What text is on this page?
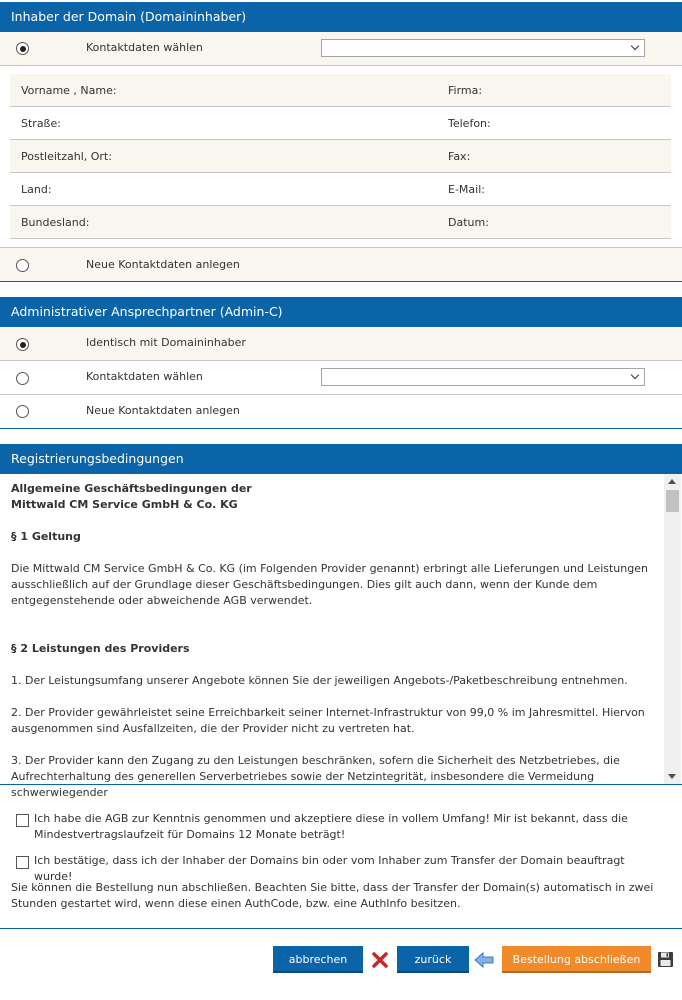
Inhaber der Domain (Domaininhaber)
Kontaktdaten wählen
Vorname , Name:	Firma:
Straße:	Telefon:
Postleitzahl, Ort:	Fax:
Land:	E-Mail:
Bundesland:	Datum:
Neue Kontaktdaten anlegen
Administrativer Ansprechpartner (Admin-C)
Identisch mit Domaininhaber
Kontaktdaten wählen
Neue Kontaktdaten anlegen
Registrierungsbedingungen

Allgemeine Geschäftsbedingungen der

Mittwald CM Service GmbH & Co. KG

§ 1 Geltung

Die Mittwald CM Service GmbH & Co. KG (im Folgenden Provider genannt) erbringt alle Lieferungen und Leistungen ausschließlich auf der Grundlage dieser Geschäftsbedingungen. Dies gilt auch dann, wenn der Kunde dem entgegenstehende oder abweichende AGB verwendet.

§ 2 Leistungen des Providers

1. Der Leistungsumfang unserer Angebote können Sie der jeweiligen Angebots-/Paketbeschreibung entnehmen.

2. Der Provider gewährleistet seine Erreichbarkeit seiner Internet-Infrastruktur von 99,0 % im Jahresmittel. Hiervon ausgenommen sind Ausfallzeiten, die der Provider nicht zu vertreten hat.

3. Der Provider kann den Zugang zu den Leistungen beschränken, sofern die Sicherheit des Netzbetriebes, die Aufrechterhaltung des generellen Serverbetriebes sowie der Netzintegrität, insbesondere die Vermeidung schwerwiegender

Ich habe die AGB zur Kenntnis genommen und akzeptiere diese in vollem Umfang! Mir ist bekannt, dass die Mindestvertragslaufzeit für Domains 12 Monate beträgt!
Ich bestätige, dass ich der Inhaber der Domains bin oder vom Inhaber zum Transfer der Domain beauftragt wurde!
Sie können die Bestellung nun abschließen. Beachten Sie bitte, dass der Transfer der Domain(s) automatisch in zwei Stunden gestartet wird, wenn diese einen AuthCode, bzw. eine AuthInfo besitzen.
abbrechen	zurück	Bestellung abschließen
